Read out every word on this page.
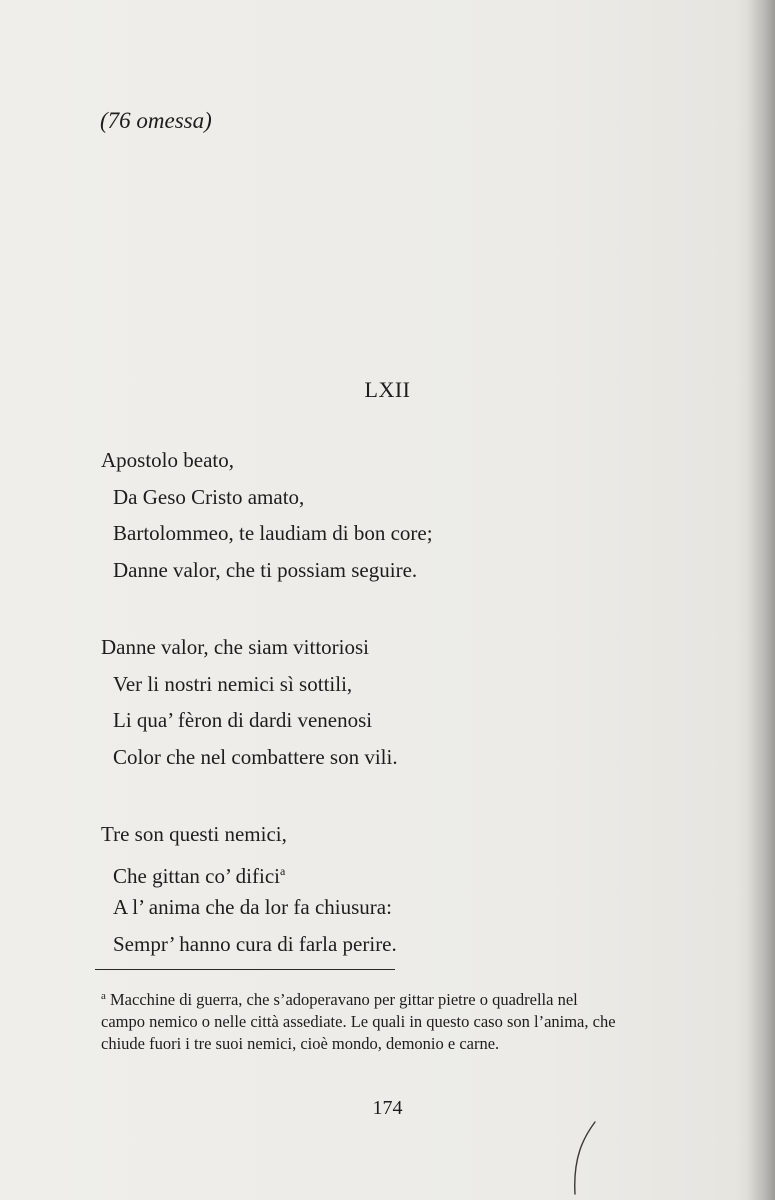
(76 omessa)

LXII
Apostolo beato,
Da Geso Cristo amato,
Bartolommeo, te laudiam di bon core;
Danne valor, che ti possiam seguire.
Danne valor, che siam vittoriosi
Ver li nostri nemici sì sottili,
Li qua’ fèron di dardi venenosi
Color che nel combattere son vili.
Tre son questi nemici,
Che gittan co’ difici$^a$
A l’ anima che da lor fa chiusura:
Sempr’ hanno cura di farla perire.

$^a$ Macchine di guerra, che s’adoperavano per gittar pietre o quadrella nel
campo nemico o nelle città assediate. Le quali in questo caso son l’anima, che
chiude fuori i tre suoi nemici, cioè mondo, demonio e carne.

174
